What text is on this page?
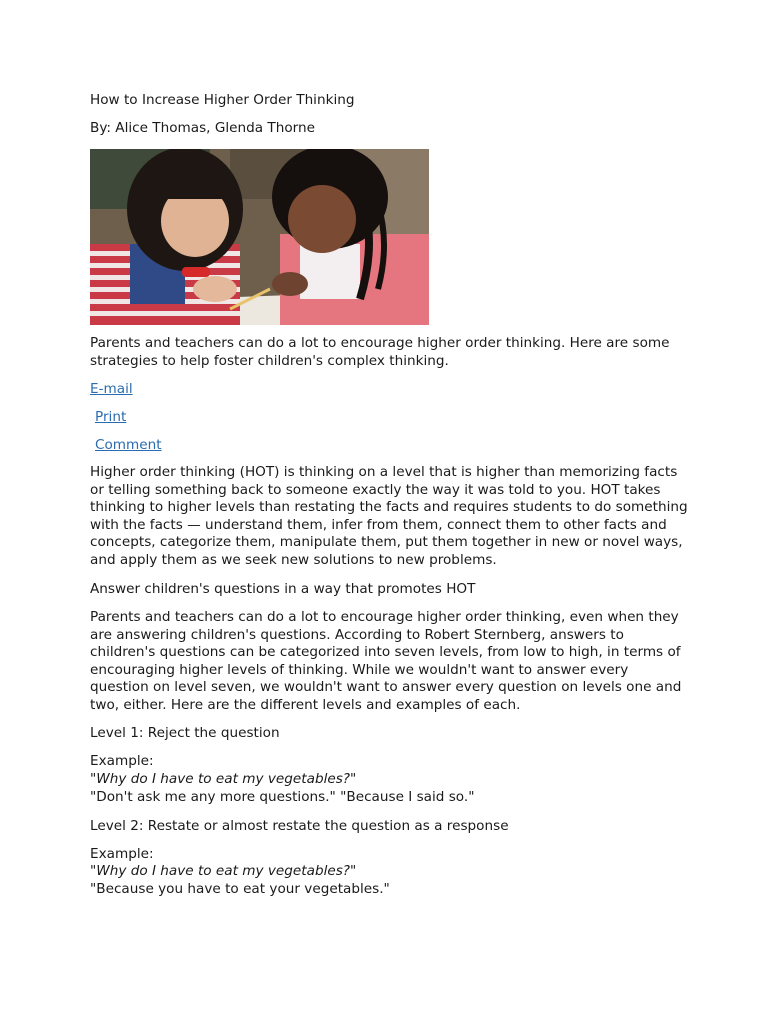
How to Increase Higher Order Thinking
By: Alice Thomas, Glenda Thorne
Parents and teachers can do a lot to encourage higher order thinking. Here are some strategies to help foster children's complex thinking.
E-mail
Print
Comment
Higher order thinking (HOT) is thinking on a level that is higher than memorizing facts or telling something back to someone exactly the way it was told to you. HOT takes thinking to higher levels than restating the facts and requires students to do something with the facts — understand them, infer from them, connect them to other facts and concepts, categorize them, manipulate them, put them together in new or novel ways, and apply them as we seek new solutions to new problems.
Answer children's questions in a way that promotes HOT
Parents and teachers can do a lot to encourage higher order thinking, even when they are answering children's questions. According to Robert Sternberg, answers to children's questions can be categorized into seven levels, from low to high, in terms of encouraging higher levels of thinking. While we wouldn't want to answer every question on level seven, we wouldn't want to answer every question on levels one and two, either. Here are the different levels and examples of each.
Level 1: Reject the question
Example:
"Why do I have to eat my vegetables?"
"Don't ask me any more questions." "Because I said so."
Level 2: Restate or almost restate the question as a response
Example:
"Why do I have to eat my vegetables?"
"Because you have to eat your vegetables."
